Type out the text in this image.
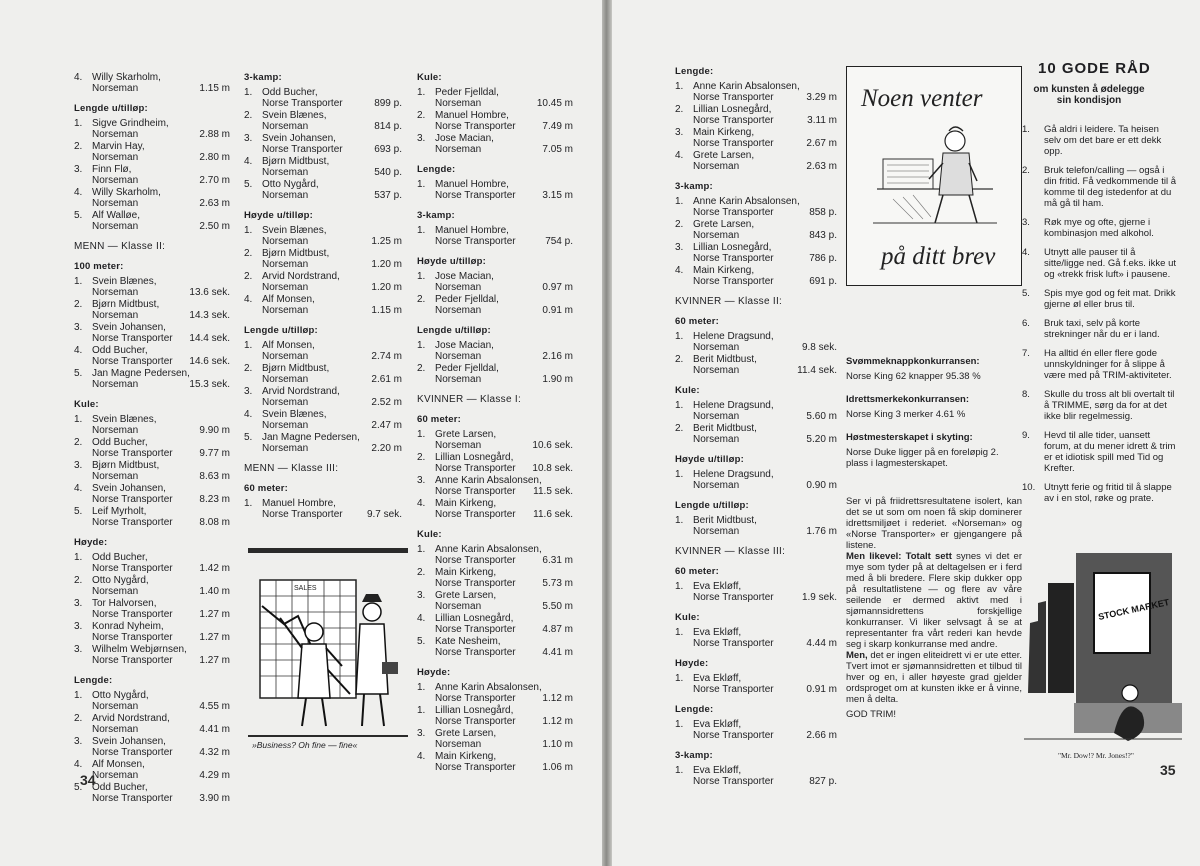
4. Willy Skarholm,
Norseman	1.15 m
Lengde u/tilløp:
1. Sigve Grindheim,
Norseman	2.88 m
2. Marvin Hay,
Norseman	2.80 m
3. Finn Flø,
Norseman	2.70 m
4. Willy Skarholm,
Norseman	2.63 m
5. Alf Walløe,
Norseman	2.50 m
MENN — Klasse II:
100 meter:
1. Svein Blænes,
Norseman	13.6 sek.
2. Bjørn Midtbust,
Norseman	14.3 sek.
3. Svein Johansen,
Norse Transporter	14.4 sek.
4. Odd Bucher,
Norse Transporter	14.6 sek.
5. Jan Magne Pedersen,
Norseman	15.3 sek.
Kule:
1. Svein Blænes,
Norseman	9.90 m
2. Odd Bucher,
Norse Transporter	9.77 m
3. Bjørn Midtbust,
Norseman	8.63 m
4. Svein Johansen,
Norse Transporter	8.23 m
5. Leif Myrholt,
Norse Transporter	8.08 m
Høyde:
1. Odd Bucher,
Norse Transporter	1.42 m
2. Otto Nygård,
Norseman	1.40 m
3. Tor Halvorsen,
Norse Transporter	1.27 m
3. Konrad Nyheim,
Norse Transporter	1.27 m
3. Wilhelm Webjørnsen,
Norse Transporter	1.27 m
Lengde:
1. Otto Nygård,
Norseman	4.55 m
2. Arvid Nordstrand,
Norseman	4.41 m
3. Svein Johansen,
Norse Transporter	4.32 m
4. Alf Monsen,
Norseman	4.29 m
5. Odd Bucher,
Norse Transporter	3.90 m
3-kamp:
1. Odd Bucher,
Norse Transporter	899 p.
2. Svein Blænes,
Norseman	814 p.
3. Svein Johansen,
Norse Transporter	693 p.
4. Bjørn Midtbust,
Norseman	540 p.
5. Otto Nygård,
Norseman	537 p.
Høyde u/tilløp:
1. Svein Blænes,
Norseman	1.25 m
2. Bjørn Midtbust,
Norseman	1.20 m
2. Arvid Nordstrand,
Norseman	1.20 m
4. Alf Monsen,
Norseman	1.15 m
Lengde u/tilløp:
1. Alf Monsen,
Norseman	2.74 m
2. Bjørn Midtbust,
Norseman	2.61 m
3. Arvid Nordstrand,
Norseman	2.52 m
4. Svein Blænes,
Norseman	2.47 m
5. Jan Magne Pedersen,
Norseman	2.20 m
MENN — Klasse III:
60 meter:
1. Manuel Hombre,
Norse Transporter	9.7 sek.
Kule:
1. Peder Fjelldal,
Norseman	10.45 m
2. Manuel Hombre,
Norse Transporter	7.49 m
3. Jose Macian,
Norseman	7.05 m
Lengde:
1. Manuel Hombre,
Norse Transporter	3.15 m
3-kamp:
1. Manuel Hombre,
Norse Transporter	754 p.
Høyde u/tilløp:
1. Jose Macian,
Norseman	0.97 m
2. Peder Fjelldal,
Norseman	0.91 m
Lengde u/tilløp:
1. Jose Macian,
Norseman	2.16 m
2. Peder Fjelldal,
Norseman	1.90 m
KVINNER — Klasse I:
60 meter:
1. Grete Larsen,
Norseman	10.6 sek.
2. Lillian Losnegård,
Norse Transporter	10.8 sek.
3. Anne Karin Absalonsen,
Norse Transporter	11.5 sek.
4. Main Kirkeng,
Norse Transporter	11.6 sek.
Kule:
1. Anne Karin Absalonsen,
Norse Transporter	6.31 m
2. Main Kirkeng,
Norse Transporter	5.73 m
3. Grete Larsen,
Norseman	5.50 m
4. Lillian Losnegård,
Norse Transporter	4.87 m
5. Kate Nesheim,
Norse Transporter	4.41 m
Høyde:
1. Anne Karin Absalonsen,
Norse Transporter	1.12 m
1. Lillian Losnegård,
Norse Transporter	1.12 m
3. Grete Larsen,
Norseman	1.10 m
4. Main Kirkeng,
Norse Transporter	1.06 m
SALES
»Business? Oh fine — fine«
34
Lengde:
1. Anne Karin Absalonsen,
Norse Transporter	3.29 m
2. Lillian Losnegård,
Norse Transporter	3.11 m
3. Main Kirkeng,
Norse Transporter	2.67 m
4. Grete Larsen,
Norseman	2.63 m
3-kamp:
1. Anne Karin Absalonsen,
Norse Transporter	858 p.
2. Grete Larsen,
Norseman	843 p.
3. Lillian Losnegård,
Norse Transporter	786 p.
4. Main Kirkeng,
Norse Transporter	691 p.
KVINNER — Klasse II:
60 meter:
1. Helene Dragsund,
Norseman	9.8 sek.
2. Berit Midtbust,
Norseman	11.4 sek.
Kule:
1. Helene Dragsund,
Norseman	5.60 m
2. Berit Midtbust,
Norseman	5.20 m
Høyde u/tilløp:
1. Helene Dragsund,
Norseman	0.90 m
Lengde u/tilløp:
1. Berit Midtbust,
Norseman	1.76 m
KVINNER — Klasse III:
60 meter:
1. Eva Ekløff,
Norse Transporter	1.9 sek.
Kule:
1. Eva Ekløff,
Norse Transporter	4.44 m
Høyde:
1. Eva Ekløff,
Norse Transporter	0.91 m
Lengde:
1. Eva Ekløff,
Norse Transporter	2.66 m
3-kamp:
1. Eva Ekløff,
Norse Transporter	827 p.
Noen venter
på ditt brev
Svømmeknappkonkurransen:
Norse King 62 knapper 95.38 %
Idrettsmerkekonkurransen:
Norse King 3 merker 4.61 %
Høstmesterskapet i skyting:
Norse Duke ligger på en foreløpig 2. plass i lagmesterskapet.
Ser vi på friidrettsresultatene isolert, kan det se ut som om noen få skip dominerer idrettsmiljøet i rederiet. «Norseman» og «Norse Transporter» er gjengangere på listene.
Men likevel: Totalt sett synes vi det er mye som tyder på at deltagelsen er i ferd med å bli bredere. Flere skip dukker opp på resultatlistene — og flere av våre seilende er dermed aktivt med i sjømannsidrettens forskjellige konkurranser. Vi liker selvsagt å se at representanter fra vårt rederi kan hevde seg i skarp konkurranse med andre.
Men, det er ingen eliteidrett vi er ute etter. Tvert imot er sjømannsidretten et tilbud til hver og en, i aller høyeste grad gjelder ordsproget om at kunsten ikke er å vinne, men å delta.
GOD TRIM!
10 GODE RÅD
om kunsten å ødelegge sin kondisjon
1.	Gå aldri i leidere. Ta heisen selv om det bare er ett dekk opp.
2.	Bruk telefon/calling — også i din fritid. Få vedkommende til å komme til deg istedenfor at du må gå til ham.
3.	Røk mye og ofte, gjerne i kombinasjon med alkohol.
4.	Utnytt alle pauser til å sitte/ligge ned. Gå f.eks. ikke ut og «trekk frisk luft» i pausene.
5.	Spis mye god og feit mat. Drikk gjerne øl eller brus til.
6.	Bruk taxi, selv på korte strekninger når du er i land.
7.	Ha alltid én eller flere gode unnskyldninger for å slippe å være med på TRIM-aktiviteter.
8.	Skulle du tross alt bli overtalt til å TRIMME, sørg da for at det ikke blir regelmessig.
9.	Hevd til alle tider, uansett forum, at du mener idrett & trim er et idiotisk spill med Tid og Krefter.
10. Utnytt ferie og fritid til å slappe av i en stol, røke og prate.
STOCK MARKET
"Mr. Dow!? Mr. Jones!?"
35
